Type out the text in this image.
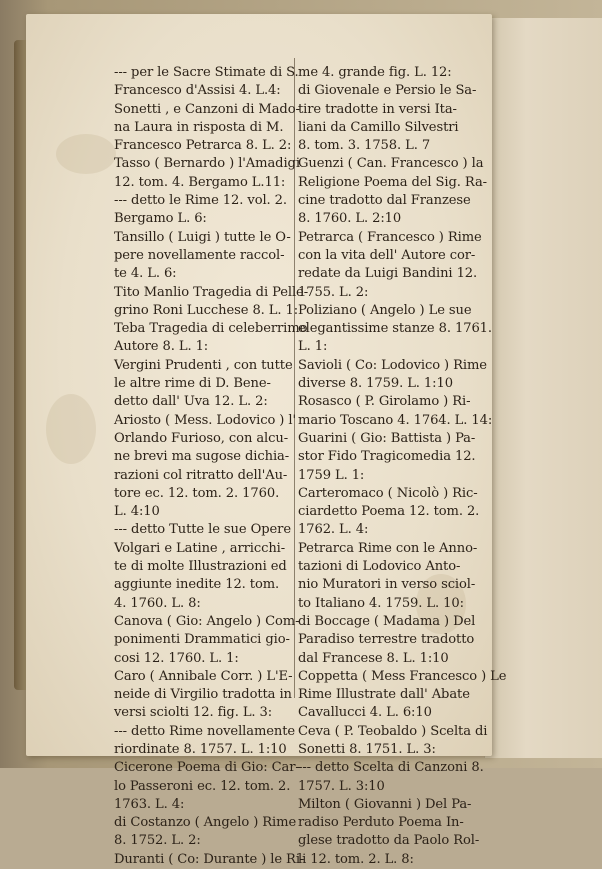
--- per le Sacre Stimate di S.
Francesco d'Assisi 4. L.4:
Sonetti , e Canzoni di Mado-
na Laura in risposta di M.
Francesco Petrarca 8. L. 2:
Tasso ( Bernardo ) l'Amadigi
12. tom. 4. Bergamo L.11:
--- detto le Rime 12. vol. 2.
Bergamo L. 6:
Tansillo ( Luigi ) tutte le O-
pere novellamente raccol-
te 4. L. 6:
Tito Manlio Tragedia di Pelle-
grino Roni Lucchese 8. L. 1:
Teba Tragedia di celeberrimo
Autore 8. L. 1:
Vergini Prudenti , con tutte
le altre rime di D. Bene-
detto dall' Uva 12. L. 2:
Ariosto ( Mess. Lodovico ) l'
Orlando Furioso, con alcu-
ne brevi ma sugose dichia-
razioni col ritratto dell'Au-
tore ec. 12. tom. 2. 1760.
L. 4:10
--- detto Tutte le sue Opere
Volgari e Latine , arricchi-
te di molte Illustrazioni ed
aggiunte inedite 12. tom.
4. 1760. L. 8:
Canova ( Gio: Angelo ) Com-
ponimenti Drammatici gio-
cosi 12. 1760. L. 1:
Caro ( Annibale Corr. ) L'E-
neide di Virgilio tradotta in
versi sciolti 12. fig. L. 3:
--- detto Rime novellamente
riordinate 8. 1757. L. 1:10
Cicerone Poema di Gio: Car-
lo Passeroni ec. 12. tom. 2.
1763. L. 4:
di Costanzo ( Angelo ) Rime
8. 1752. L. 2:
Duranti ( Co: Durante ) le Ri-
me 4. grande fig. L. 12:
di Giovenale e Persio le Sa-
tire tradotte in versi Ita-
liani da Camillo Silvestri
8. tom. 3. 1758. L. 7
Guenzi ( Can. Francesco ) la
Religione Poema del Sig. Ra-
cine tradotto dal Franzese
8. 1760. L. 2:10
Petrarca ( Francesco ) Rime
con la vita dell' Autore cor-
redate da Luigi Bandini 12.
1755. L. 2:
Poliziano ( Angelo ) Le sue
elegantissime stanze 8. 1761.
L. 1:
Savioli ( Co: Lodovico ) Rime
diverse 8. 1759. L. 1:10
Rosasco ( P. Girolamo ) Ri-
mario Toscano 4. 1764. L. 14:
Guarini ( Gio: Battista ) Pa-
stor Fido Tragicomedia 12.
1759 L. 1:
Carteromaco ( Nicolò ) Ric-
ciardetto Poema 12. tom. 2.
1762. L. 4:
Petrarca Rime con le Anno-
tazioni di Lodovico Anto-
nio Muratori in verso sciol-
to Italiano 4. 1759. L. 10:
di Boccage ( Madama ) Del
Paradiso terrestre tradotto
dal Francese 8. L. 1:10
Coppetta ( Mess Francesco ) Le
Rime Illustrate dall' Abate
Cavallucci 4. L. 6:10
Ceva ( P. Teobaldo ) Scelta di
Sonetti 8. 1751. L. 3:
--- detto Scelta di Canzoni 8.
1757. L. 3:10
Milton ( Giovanni ) Del Pa-
radiso Perduto Poema In-
glese tradotto da Paolo Rol-
li 12. tom. 2. L. 8:
